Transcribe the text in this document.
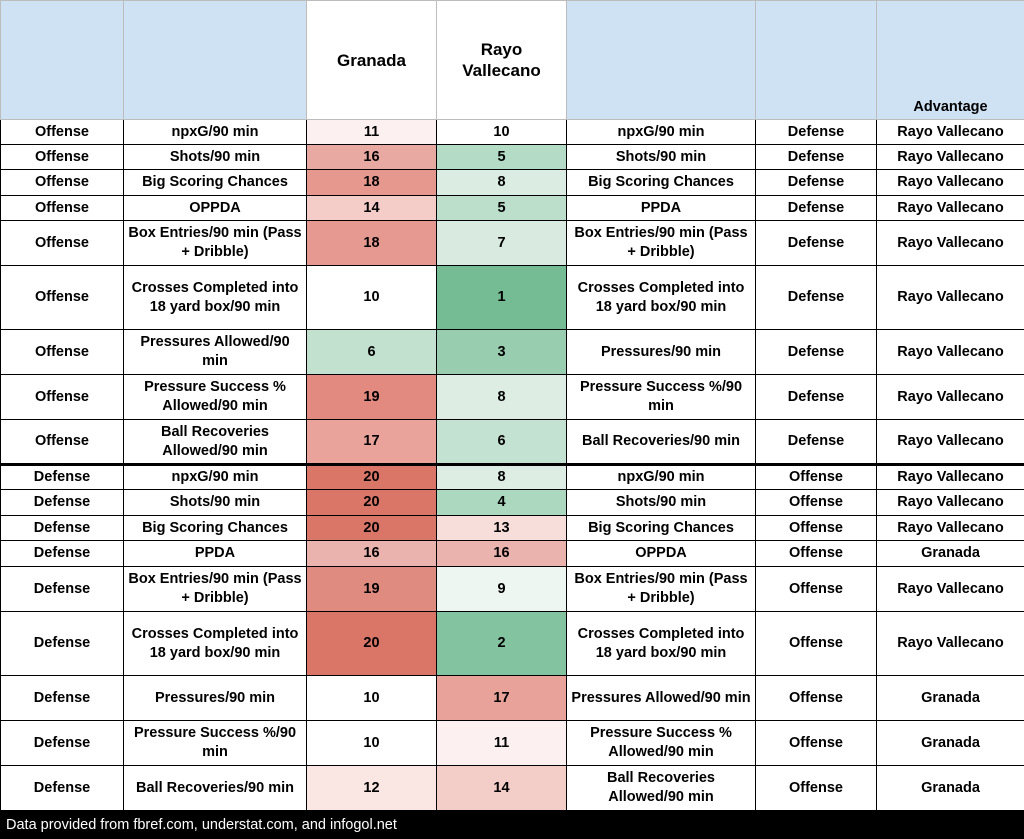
		Granada	Rayo
Vallecano			Advantage
Offense	npxG/90 min	11	10	npxG/90 min	Defense	Rayo Vallecano
Offense	Shots/90 min	16	5	Shots/90 min	Defense	Rayo Vallecano
Offense	Big Scoring Chances	18	8	Big Scoring Chances	Defense	Rayo Vallecano
Offense	OPPDA	14	5	PPDA	Defense	Rayo Vallecano
Offense	Box Entries/90 min (Pass + Dribble)	18	7	Box Entries/90 min (Pass + Dribble)	Defense	Rayo Vallecano
Offense	Crosses Completed into 18 yard box/90 min	10	1	Crosses Completed into 18 yard box/90 min	Defense	Rayo Vallecano
Offense	Pressures Allowed/90 min	6	3	Pressures/90 min	Defense	Rayo Vallecano
Offense	Pressure Success % Allowed/90 min	19	8	Pressure Success %/90 min	Defense	Rayo Vallecano
Offense	Ball Recoveries Allowed/90 min	17	6	Ball Recoveries/90 min	Defense	Rayo Vallecano
Defense	npxG/90 min	20	8	npxG/90 min	Offense	Rayo Vallecano
Defense	Shots/90 min	20	4	Shots/90 min	Offense	Rayo Vallecano
Defense	Big Scoring Chances	20	13	Big Scoring Chances	Offense	Rayo Vallecano
Defense	PPDA	16	16	OPPDA	Offense	Granada
Defense	Box Entries/90 min (Pass + Dribble)	19	9	Box Entries/90 min (Pass + Dribble)	Offense	Rayo Vallecano
Defense	Crosses Completed into 18 yard box/90 min	20	2	Crosses Completed into 18 yard box/90 min	Offense	Rayo Vallecano
Defense	Pressures/90 min	10	17	Pressures Allowed/90 min	Offense	Granada
Defense	Pressure Success %/90 min	10	11	Pressure Success % Allowed/90 min	Offense	Granada
Defense	Ball Recoveries/90 min	12	14	Ball Recoveries Allowed/90 min	Offense	Granada
Data provided from fbref.com, understat.com, and infogol.net
